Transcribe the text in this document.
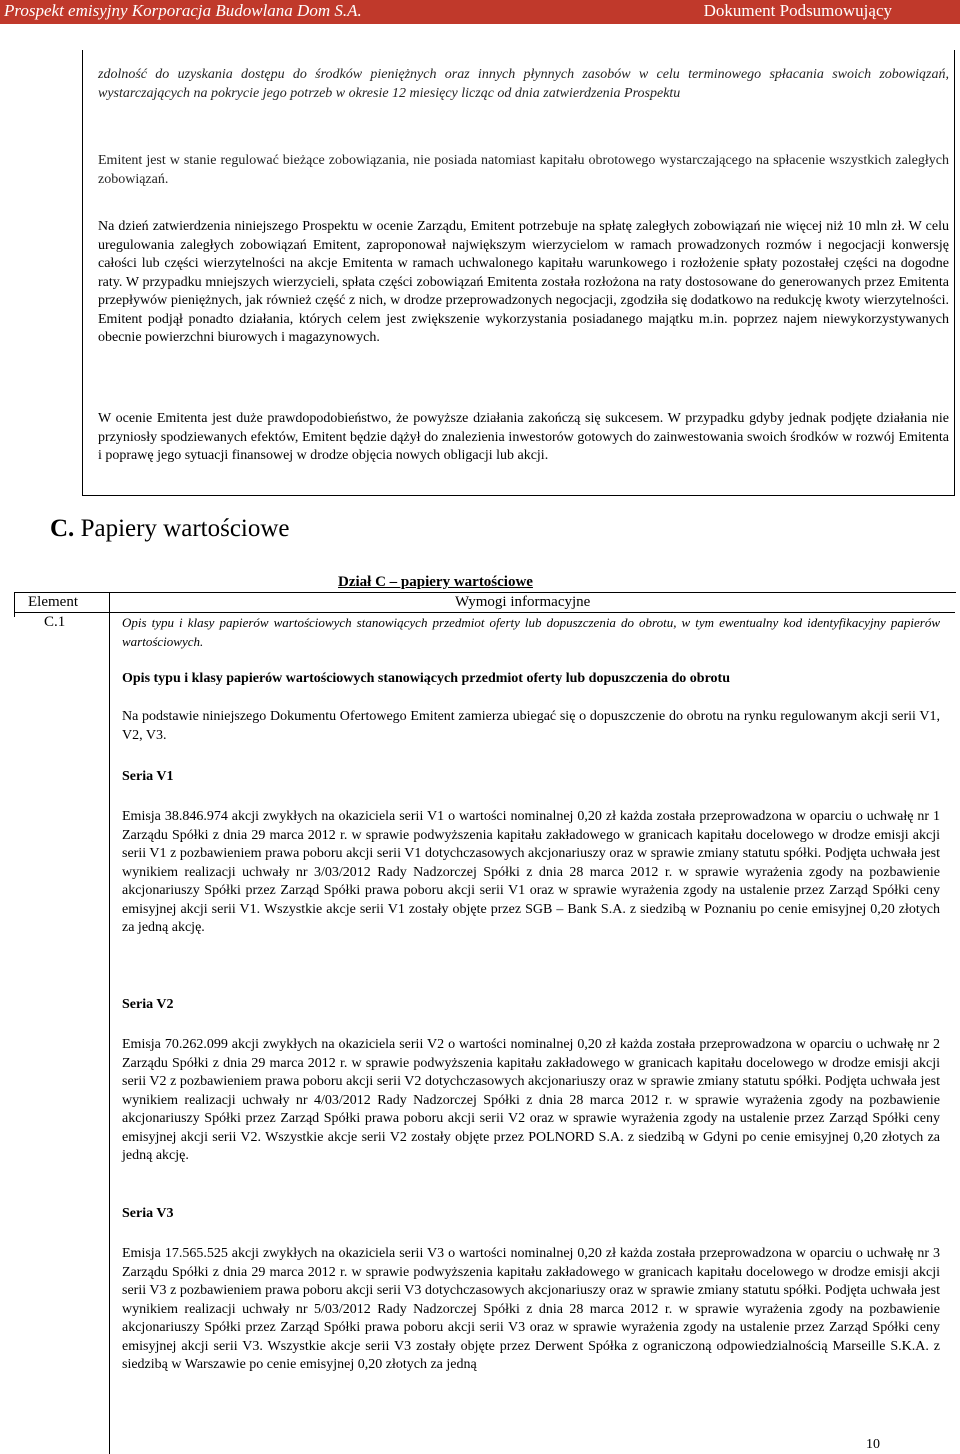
Prospekt emisyjny Korporacja Budowlana Dom S.A.	Dokument Podsumowujący
zdolność do uzyskania dostępu do środków pieniężnych oraz innych płynnych zasobów w celu terminowego spłacania swoich zobowiązań, wystarczających na pokrycie jego potrzeb w okresie 12 miesięcy licząc od dnia zatwierdzenia Prospektu
Emitent jest w stanie regulować bieżące zobowiązania, nie posiada natomiast kapitału obrotowego wystarczającego na spłacenie wszystkich zaległych zobowiązań.
Na dzień zatwierdzenia niniejszego Prospektu w ocenie Zarządu, Emitent potrzebuje na spłatę zaległych zobowiązań nie więcej niż 10 mln zł. W celu uregulowania zaległych zobowiązań Emitent, zaproponował największym wierzycielom w ramach prowadzonych rozmów i negocjacji konwersję całości lub części wierzytelności na akcje Emitenta w ramach uchwalonego kapitału warunkowego i rozłożenie spłaty pozostałej części na dogodne raty. W przypadku mniejszych wierzycieli, spłata części zobowiązań Emitenta została rozłożona na raty dostosowane do generowanych przez Emitenta przepływów pieniężnych, jak również część z nich, w drodze przeprowadzonych negocjacji, zgodziła się dodatkowo na redukcję kwoty wierzytelności. Emitent podjął ponadto działania, których celem jest zwiększenie wykorzystania posiadanego majątku m.in. poprzez najem niewykorzystywanych obecnie powierzchni biurowych i magazynowych.
W ocenie Emitenta jest duże prawdopodobieństwo, że powyższe działania zakończą się sukcesem. W przypadku gdyby jednak podjęte działania nie przyniosły spodziewanych efektów, Emitent będzie dążył do znalezienia inwestorów gotowych do zainwestowania swoich środków w rozwój Emitenta i poprawę jego sytuacji finansowej w drodze objęcia nowych obligacji lub akcji.
C. Papiery wartościowe
Dział C – papiery wartościowe
Element	Wymogi informacyjne
C.1	Opis typu i klasy papierów wartościowych stanowiących przedmiot oferty lub dopuszczenia do obrotu, w tym ewentualny kod identyfikacyjny papierów wartościowych.
Opis typu i klasy papierów wartościowych stanowiących przedmiot oferty lub dopuszczenia do obrotu
Na podstawie niniejszego Dokumentu Ofertowego Emitent zamierza ubiegać się o dopuszczenie do obrotu na rynku regulowanym akcji serii V1, V2, V3.
Seria V1
Emisja 38.846.974 akcji zwykłych na okaziciela serii V1 o wartości nominalnej 0,20 zł każda została przeprowadzona w oparciu o uchwałę nr 1 Zarządu Spółki z dnia 29 marca 2012 r. w sprawie podwyższenia kapitału zakładowego w granicach kapitału docelowego w drodze emisji akcji serii V1 z pozbawieniem prawa poboru akcji serii V1 dotychczasowych akcjonariuszy oraz w sprawie zmiany statutu spółki. Podjęta uchwała jest wynikiem realizacji uchwały nr 3/03/2012 Rady Nadzorczej Spółki z dnia 28 marca 2012 r. w sprawie wyrażenia zgody na pozbawienie akcjonariuszy Spółki przez Zarząd Spółki prawa poboru akcji serii V1 oraz w sprawie wyrażenia zgody na ustalenie przez Zarząd Spółki ceny emisyjnej akcji serii V1. Wszystkie akcje serii V1 zostały objęte przez SGB – Bank S.A. z siedzibą w Poznaniu po cenie emisyjnej 0,20 złotych za jedną akcję.
Seria V2
Emisja 70.262.099 akcji zwykłych na okaziciela serii V2 o wartości nominalnej 0,20 zł każda została przeprowadzona w oparciu o uchwałę nr 2 Zarządu Spółki z dnia 29 marca 2012 r. w sprawie podwyższenia kapitału zakładowego w granicach kapitału docelowego w drodze emisji akcji serii V2 z pozbawieniem prawa poboru akcji serii V2 dotychczasowych akcjonariuszy oraz w sprawie zmiany statutu spółki. Podjęta uchwała jest wynikiem realizacji uchwały nr 4/03/2012 Rady Nadzorczej Spółki z dnia 28 marca 2012 r. w sprawie wyrażenia zgody na pozbawienie akcjonariuszy Spółki przez Zarząd Spółki prawa poboru akcji serii V2 oraz w sprawie wyrażenia zgody na ustalenie przez Zarząd Spółki ceny emisyjnej akcji serii V2. Wszystkie akcje serii V2 zostały objęte przez POLNORD S.A. z siedzibą w Gdyni po cenie emisyjnej 0,20 złotych za jedną akcję.
Seria V3
Emisja 17.565.525 akcji zwykłych na okaziciela serii V3 o wartości nominalnej 0,20 zł każda została przeprowadzona w oparciu o uchwałę nr 3 Zarządu Spółki z dnia 29 marca 2012 r. w sprawie podwyższenia kapitału zakładowego w granicach kapitału docelowego w drodze emisji akcji serii V3 z pozbawieniem prawa poboru akcji serii V3 dotychczasowych akcjonariuszy oraz w sprawie zmiany statutu spółki. Podjęta uchwała jest wynikiem realizacji uchwały nr 5/03/2012 Rady Nadzorczej Spółki z dnia 28 marca 2012 r. w sprawie wyrażenia zgody na pozbawienie akcjonariuszy Spółki przez Zarząd Spółki prawa poboru akcji serii V3 oraz w sprawie wyrażenia zgody na ustalenie przez Zarząd Spółki ceny emisyjnej akcji serii V3. Wszystkie akcje serii V3 zostały objęte przez Derwent Spółka z ograniczoną odpowiedzialnością Marseille S.K.A. z siedzibą w Warszawie po cenie emisyjnej 0,20 złotych za jedną
10
